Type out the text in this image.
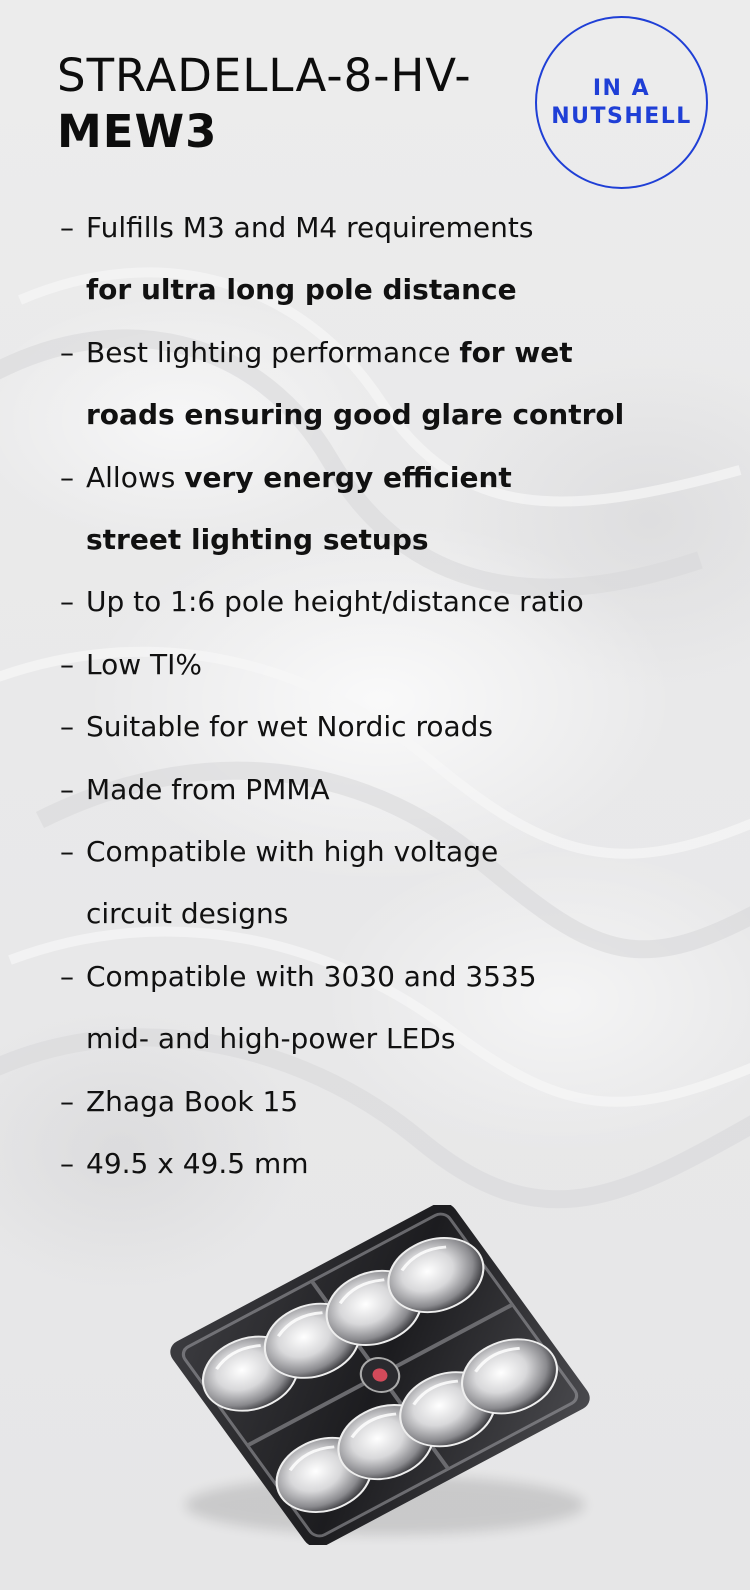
STRADELLA-8-HV-
MEW3
IN A
NUTSHELL
– Fulfills M3 and M4 requirements
for ultra long pole distance
– Best lighting performance for wet
roads ensuring good glare control
– Allows very energy efficient
street lighting setups
– Up to 1:6 pole height/distance ratio
– Low TI%
– Suitable for wet Nordic roads
– Made from PMMA
– Compatible with high voltage
circuit designs
– Compatible with 3030 and 3535
mid- and high-power LEDs
– Zhaga Book 15
– 49.5 x 49.5 mm
